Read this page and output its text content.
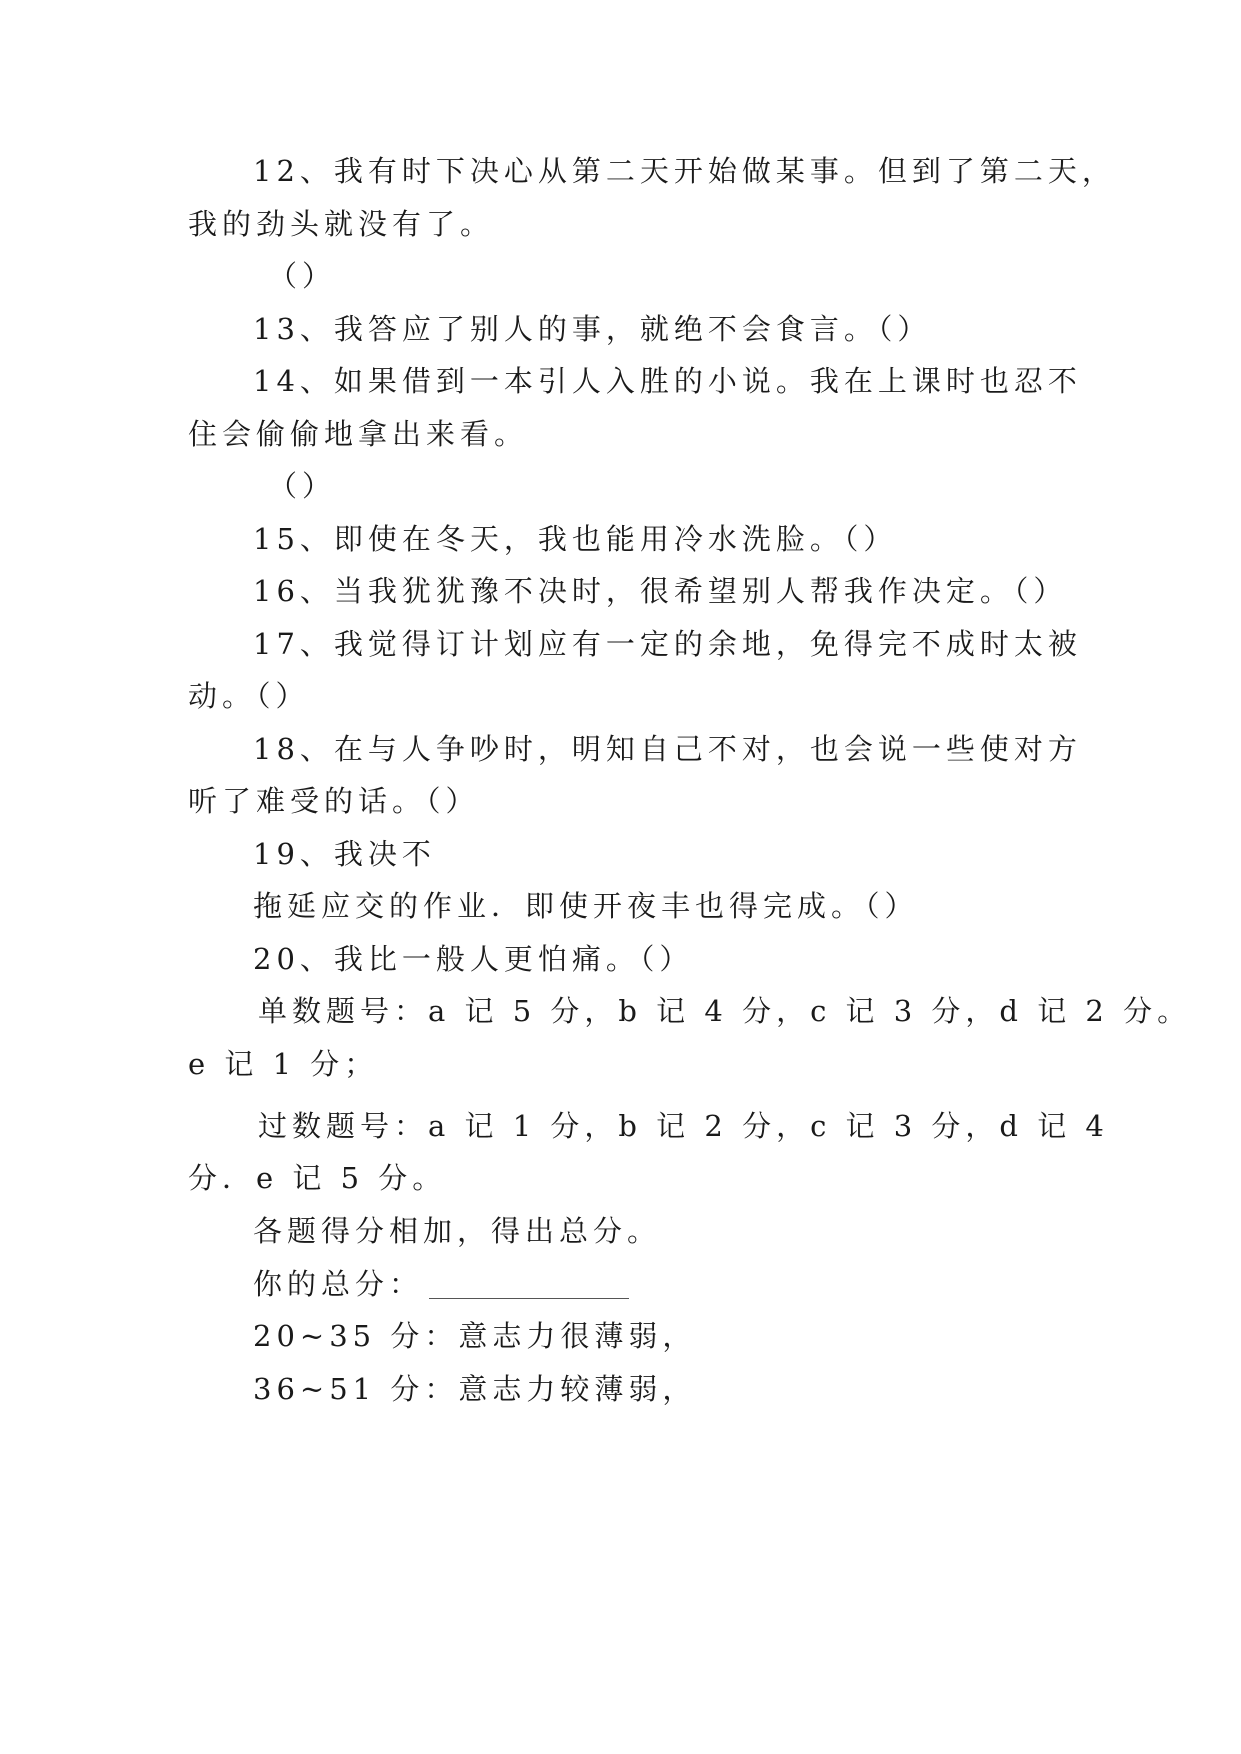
12、我有时下决心从第二天开始做某事。但到了第二天，
我的劲头就没有了。
（）
13、我答应了别人的事，就绝不会食言。（）
14、如果借到一本引人入胜的小说。我在上课时也忍不
住会偷偷地拿出来看。
（）
15、即使在冬天，我也能用冷水洗脸。（）
16、当我犹犹豫不决时，很希望别人帮我作决定。（）
17、我觉得订计划应有一定的余地，免得完不成时太被
动。（）
18、在与人争吵时，明知自己不对，也会说一些使对方
听了难受的话。（）
19、我决不
拖延应交的作业．即使开夜丰也得完成。（）
20、我比一般人更怕痛。（）
单数题号：a 记 5 分，b 记 4 分，c 记 3 分，d 记 2 分。
e 记 1 分；
过数题号：a 记 1 分，b 记 2 分，c 记 3 分，d 记 4
分．e 记 5 分。
各题得分相加，得出总分。
你的总分：
20~35 分：意志力很薄弱，
36~51 分：意志力较薄弱，
